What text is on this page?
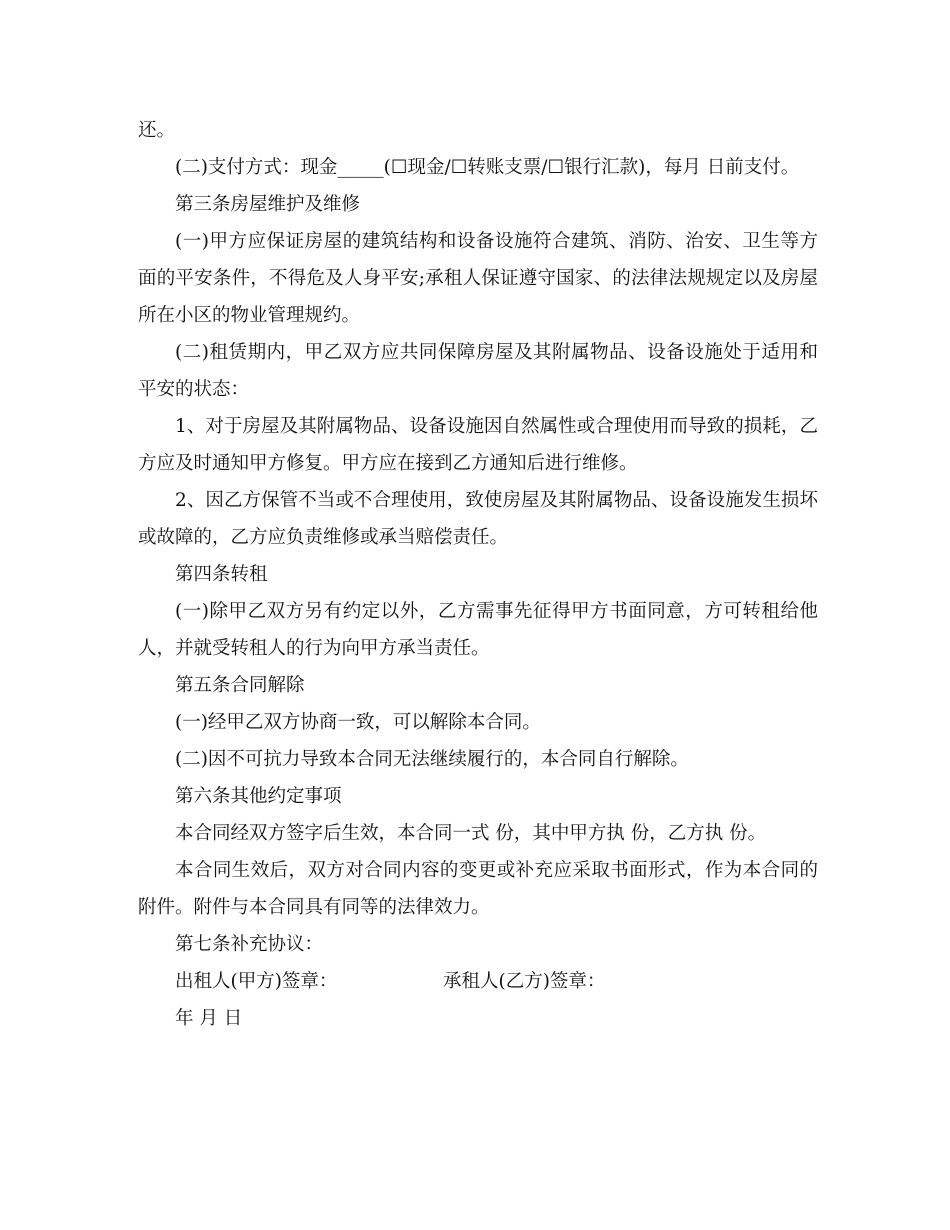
还。

(二)支付方式：现金_____(☐现金/☐转账支票/☐银行汇款)，每月 日前支付。

第三条房屋维护及维修

(一)甲方应保证房屋的建筑结构和设备设施符合建筑、消防、治安、卫生等方面的平安条件，不得危及人身平安;承租人保证遵守国家、的法律法规规定以及房屋所在小区的物业管理规约。

(二)租赁期内，甲乙双方应共同保障房屋及其附属物品、设备设施处于适用和平安的状态：

1、对于房屋及其附属物品、设备设施因自然属性或合理使用而导致的损耗，乙方应及时通知甲方修复。甲方应在接到乙方通知后进行维修。

2、因乙方保管不当或不合理使用，致使房屋及其附属物品、设备设施发生损坏或故障的，乙方应负责维修或承当赔偿责任。

第四条转租

(一)除甲乙双方另有约定以外，乙方需事先征得甲方书面同意，方可转租给他人，并就受转租人的行为向甲方承当责任。

第五条合同解除

(一)经甲乙双方协商一致，可以解除本合同。

(二)因不可抗力导致本合同无法继续履行的，本合同自行解除。

第六条其他约定事项

本合同经双方签字后生效，本合同一式 份，其中甲方执 份，乙方执 份。

本合同生效后，双方对合同内容的变更或补充应采取书面形式，作为本合同的附件。附件与本合同具有同等的法律效力。

第七条补充协议：

出租人(甲方)签章：	承租人(乙方)签章：

年 月 日
